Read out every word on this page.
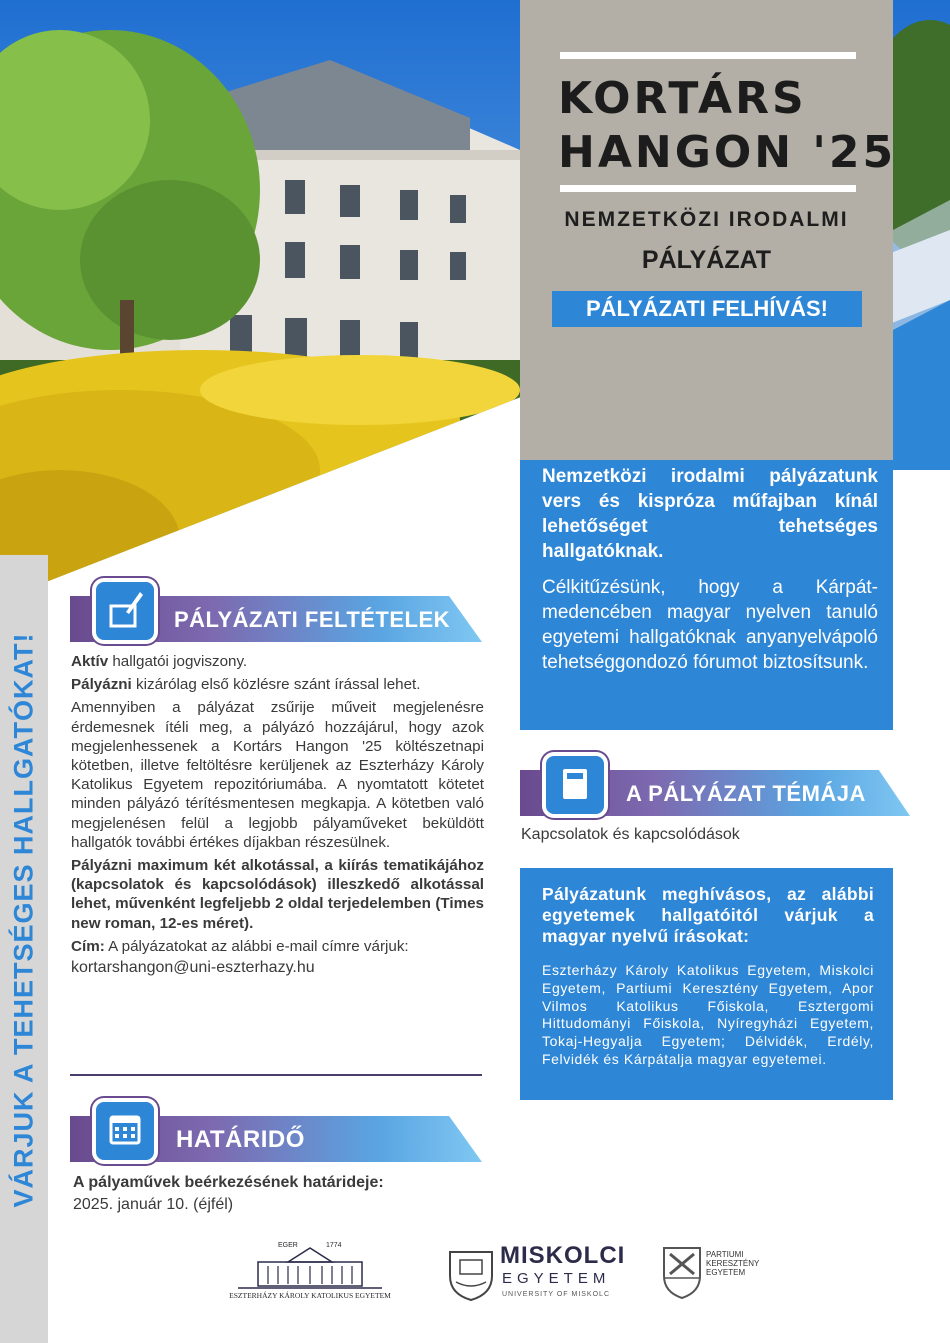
KORTÁRS
HANGON '25
NEMZETKÖZI IRODALMI
PÁLYÁZAT
PÁLYÁZATI FELHÍVÁS!
Nemzetközi irodalmi pályázatunk vers és kispróza műfajban kínál lehetőséget tehetséges hallgatóknak.
Célkitűzésünk, hogy a Kárpát-medencében magyar nyelven tanuló egyetemi hallgatóknak anyanyelvápoló tehetséggondozó fórumot biztosítsunk.
VÁRJUK A TEHETSÉGES HALLGATÓKAT!
PÁLYÁZATI FELTÉTELEK

Aktív hallgatói jogviszony.

Pályázni kizárólag első közlésre szánt írással lehet.

Amennyiben a pályázat zsűrije műveit megjelenésre érdemesnek ítéli meg, a pályázó hozzájárul, hogy azok megjelenhessenek a Kortárs Hangon '25 költészetnapi kötetben, illetve feltöltésre kerüljenek az Eszterházy Károly Katolikus Egyetem repozitóriumába. A nyomtatott kötetet minden pályázó térítésmentesen megkapja. A kötetben való megjelenésen felül a legjobb pályaműveket beküldött hallgatók további értékes díjakban részesülnek.

Pályázni maximum két alkotással, a kiírás tematikájához (kapcsolatok és kapcsolódások) illeszkedő alkotással lehet, művenként legfeljebb 2 oldal terjedelemben (Times new roman, 12-es méret).

Cím: A pályázatokat az alábbi e-mail címre várjuk:

kortarshangon@uni-eszterhazy.hu

HATÁRIDŐ
A pályaművek beérkezésének határideje:
2025. január 10. (éjfél)
A PÁLYÁZAT TÉMÁJA
Kapcsolatok és kapcsolódások
Pályázatunk meghívásos, az alábbi egyetemek hallgatóitól várjuk a magyar nyelvű írásokat:
Eszterházy Károly Katolikus Egyetem, Miskolci Egyetem, Partiumi Keresztény Egyetem, Apor Vilmos Katolikus Főiskola, Esztergomi Hittudományi Főiskola, Nyíregyházi Egyetem, Tokaj-Hegyalja Egyetem; Délvidék, Erdély, Felvidék és Kárpátalja magyar egyetemei.
EGER	1774
ESZTERHÁZY KÁROLY KATOLIKUS EGYETEM
MISKOLCI
EGYETEM
UNIVERSITY OF MISKOLC
PARTIUMI
KERESZTÉNY
EGYETEM
